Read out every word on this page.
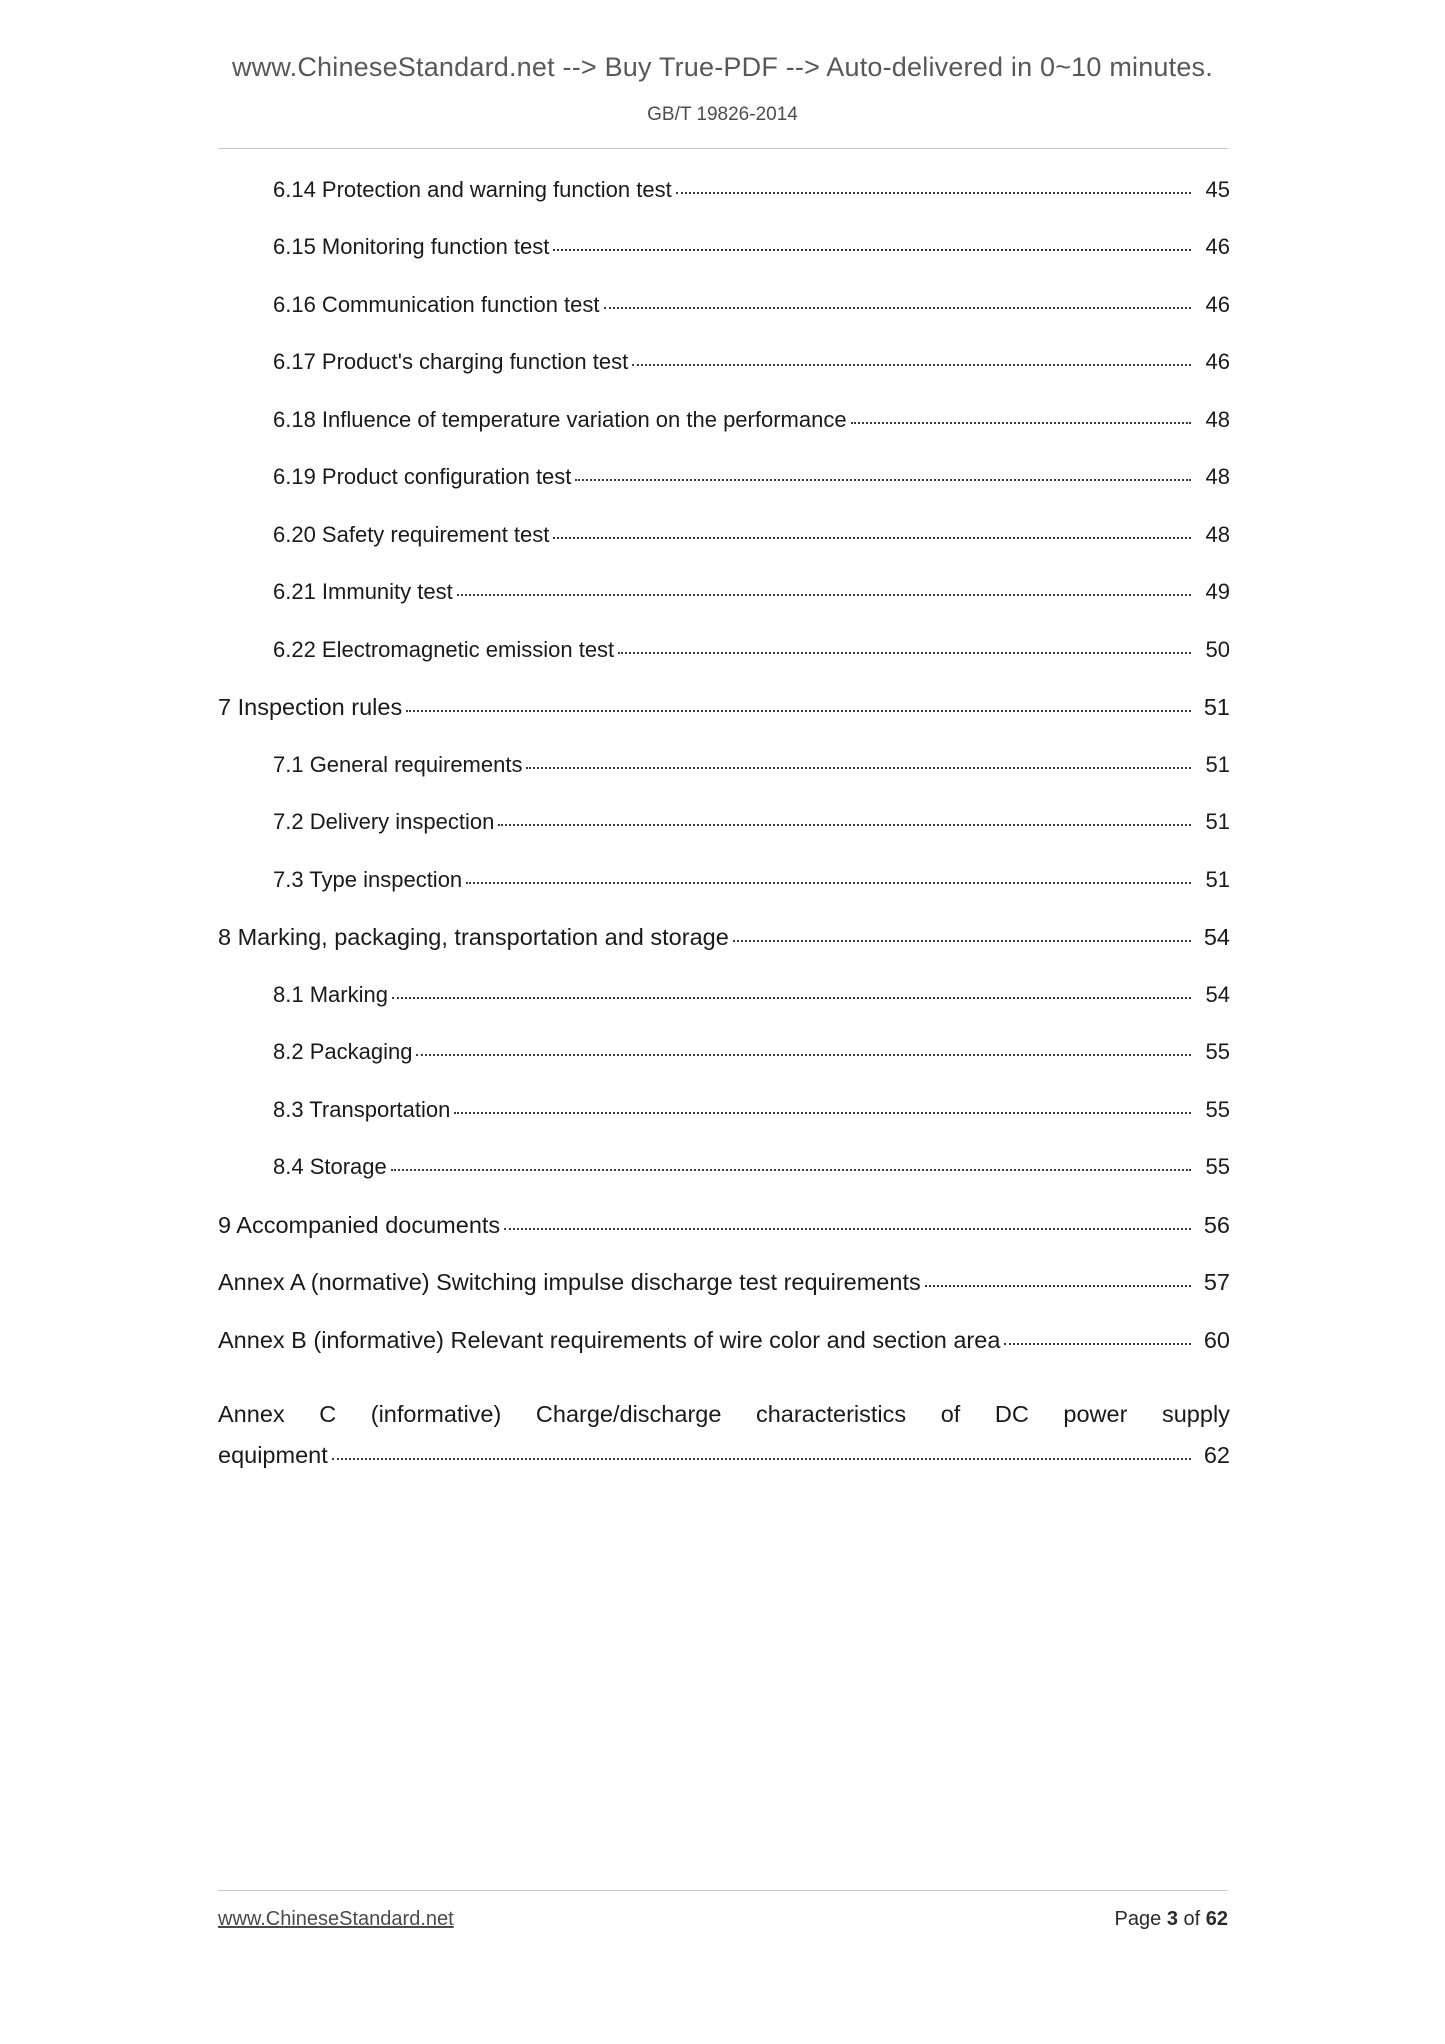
www.ChineseStandard.net --> Buy True-PDF --> Auto-delivered in 0~10 minutes.
GB/T 19826-2014
6.14 Protection and warning function test	45
6.15 Monitoring function test	46
6.16 Communication function test	46
6.17 Product's charging function test	46
6.18 Influence of temperature variation on the performance	48
6.19 Product configuration test	48
6.20 Safety requirement test	48
6.21 Immunity test	49
6.22 Electromagnetic emission test	50
7 Inspection rules	51
7.1 General requirements	51
7.2 Delivery inspection	51
7.3 Type inspection	51
8 Marking, packaging, transportation and storage	54
8.1 Marking	54
8.2 Packaging	55
8.3 Transportation	55
8.4 Storage	55
9 Accompanied documents	56
Annex A (normative) Switching impulse discharge test requirements	57
Annex B (informative) Relevant requirements of wire color and section area	60
Annex C (informative) Charge/discharge characteristics of DC power supply
equipment	62
www.ChineseStandard.net	Page 3 of 62
